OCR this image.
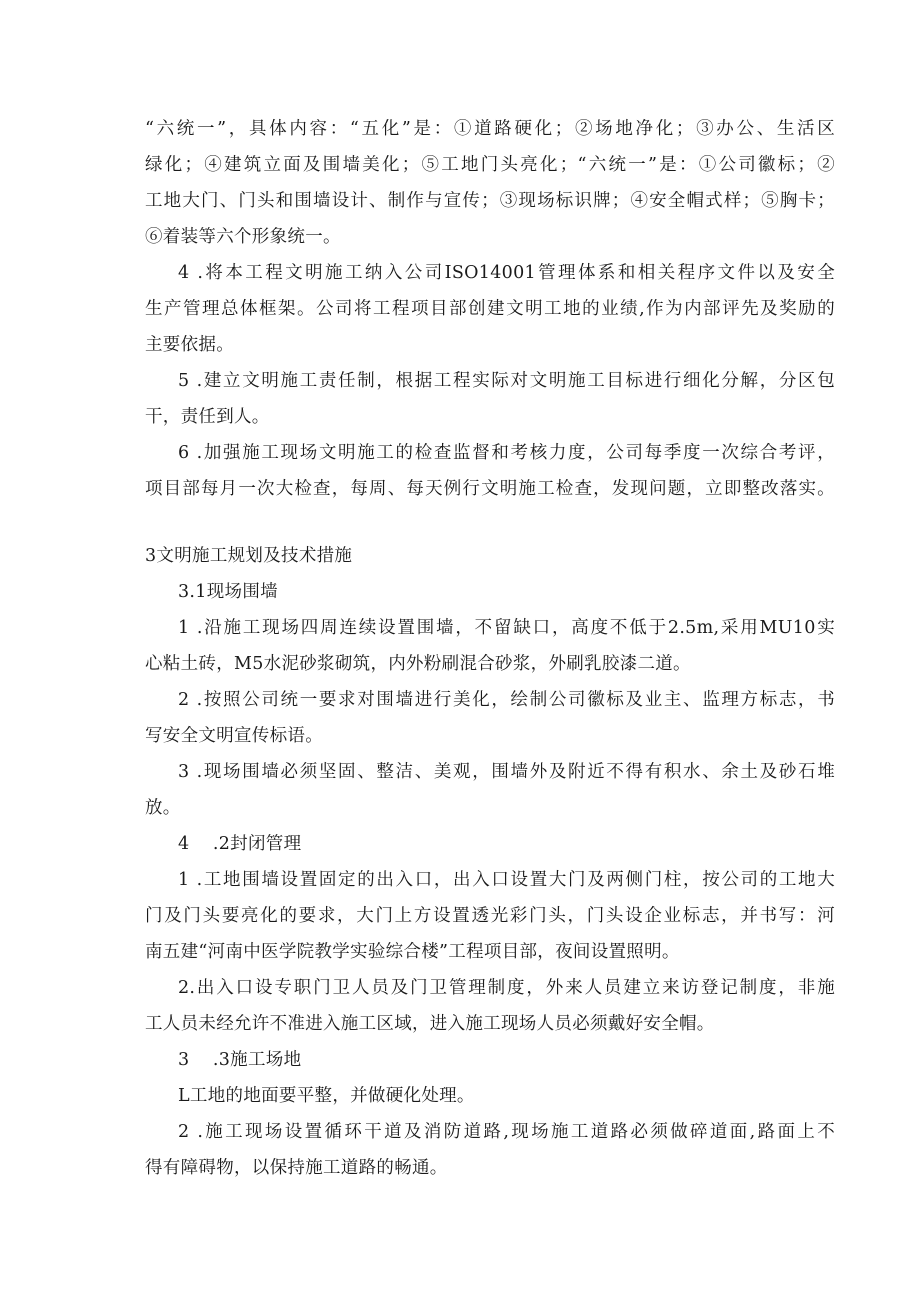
“六统一”，具体内容：“五化”是：①道路硬化；②场地净化；③办公、生活区
绿化；④建筑立面及围墙美化；⑤工地门头亮化；“六统一”是：①公司徽标；②
工地大门、门头和围墙设计、制作与宣传；③现场标识牌；④安全帽式样；⑤胸卡；
⑥着装等六个形象统一。
4 .将本工程文明施工纳入公司ISO14001管理体系和相关程序文件以及安全
生产管理总体框架。公司将工程项目部创建文明工地的业绩,作为内部评先及奖励的
主要依据。
5 .建立文明施工责任制，根据工程实际对文明施工目标进行细化分解，分区包
干，责任到人。
6 .加强施工现场文明施工的检查监督和考核力度，公司每季度一次综合考评，
项目部每月一次大检查，每周、每天例行文明施工检查，发现问题，立即整改落实。
3文明施工规划及技术措施
3.1现场围墙
1 .沿施工现场四周连续设置围墙，不留缺口，高度不低于2.5m,采用MU10实
心粘土砖，M5水泥砂浆砌筑，内外粉刷混合砂浆，外刷乳胶漆二道。
2 .按照公司统一要求对围墙进行美化，绘制公司徽标及业主、监理方标志，书
写安全文明宣传标语。
3 .现场围墙必须坚固、整洁、美观，围墙外及附近不得有积水、余土及砂石堆
放。
4    .2封闭管理
1 .工地围墙设置固定的出入口，出入口设置大门及两侧门柱，按公司的工地大
门及门头要亮化的要求，大门上方设置透光彩门头，门头设企业标志，并书写：河
南五建“河南中医学院教学实验综合楼”工程项目部，夜间设置照明。
2.出入口设专职门卫人员及门卫管理制度，外来人员建立来访登记制度，非施
工人员未经允许不准进入施工区域，进入施工现场人员必须戴好安全帽。
3    .3施工场地
L工地的地面要平整，并做硬化处理。
2 .施工现场设置循环干道及消防道路,现场施工道路必须做碎道面,路面上不
得有障碍物，以保持施工道路的畅通。
